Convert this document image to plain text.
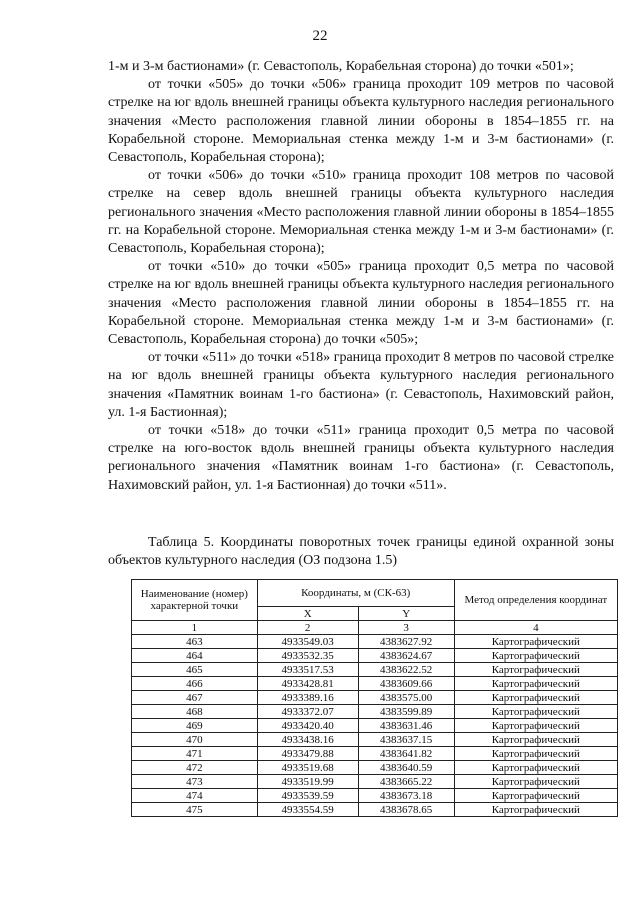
22

1-м и 3-м бастионами» (г. Севастополь, Корабельная сторона) до точки «501»;

от точки «505» до точки «506» граница проходит 109 метров по часовой стрелке на юг вдоль внешней границы объекта культурного наследия регионального значения «Место расположения главной линии обороны в 1854–1855 гг. на Корабельной стороне. Мемориальная стенка между 1-м и 3-м бастионами» (г. Севастополь, Корабельная сторона);

от точки «506» до точки «510» граница проходит 108 метров по часовой стрелке на север вдоль внешней границы объекта культурного наследия регионального значения «Место расположения главной линии обороны в 1854–1855 гг. на Корабельной стороне. Мемориальная стенка между 1-м и 3-м бастионами» (г. Севастополь, Корабельная сторона);

от точки «510» до точки «505» граница проходит 0,5 метра по часовой стрелке на юг вдоль внешней границы объекта культурного наследия регионального значения «Место расположения главной линии обороны в 1854–1855 гг. на Корабельной стороне. Мемориальная стенка между 1-м и 3-м бастионами» (г. Севастополь, Корабельная сторона) до точки «505»;

от точки «511» до точки «518» граница проходит 8 метров по часовой стрелке на юг вдоль внешней границы объекта культурного наследия регионального значения «Памятник воинам 1-го бастиона» (г. Севастополь, Нахимовский район, ул. 1-я Бастионная);

от точки «518» до точки «511» граница проходит 0,5 метра по часовой стрелке на юго-восток вдоль внешней границы объекта культурного наследия регионального значения «Памятник воинам 1-го бастиона» (г. Севастополь, Нахимовский район, ул. 1-я Бастионная) до точки «511».

Таблица 5. Координаты поворотных точек границы единой охранной зоны объектов культурного наследия (ОЗ подзона 1.5)

Наименование (номер) характерной точки	Координаты, м (СК-63)		Метод определения координат
	X	Y	
1	2	3	4
463	4933549.03	4383627.92	Картографический
464	4933532.35	4383624.67	Картографический
465	4933517.53	4383622.52	Картографический
466	4933428.81	4383609.66	Картографический
467	4933389.16	4383575.00	Картографический
468	4933372.07	4383599.89	Картографический
469	4933420.40	4383631.46	Картографический
470	4933438.16	4383637.15	Картографический
471	4933479.88	4383641.82	Картографический
472	4933519.68	4383640.59	Картографический
473	4933519.99	4383665.22	Картографический
474	4933539.59	4383673.18	Картографический
475	4933554.59	4383678.65	Картографический
